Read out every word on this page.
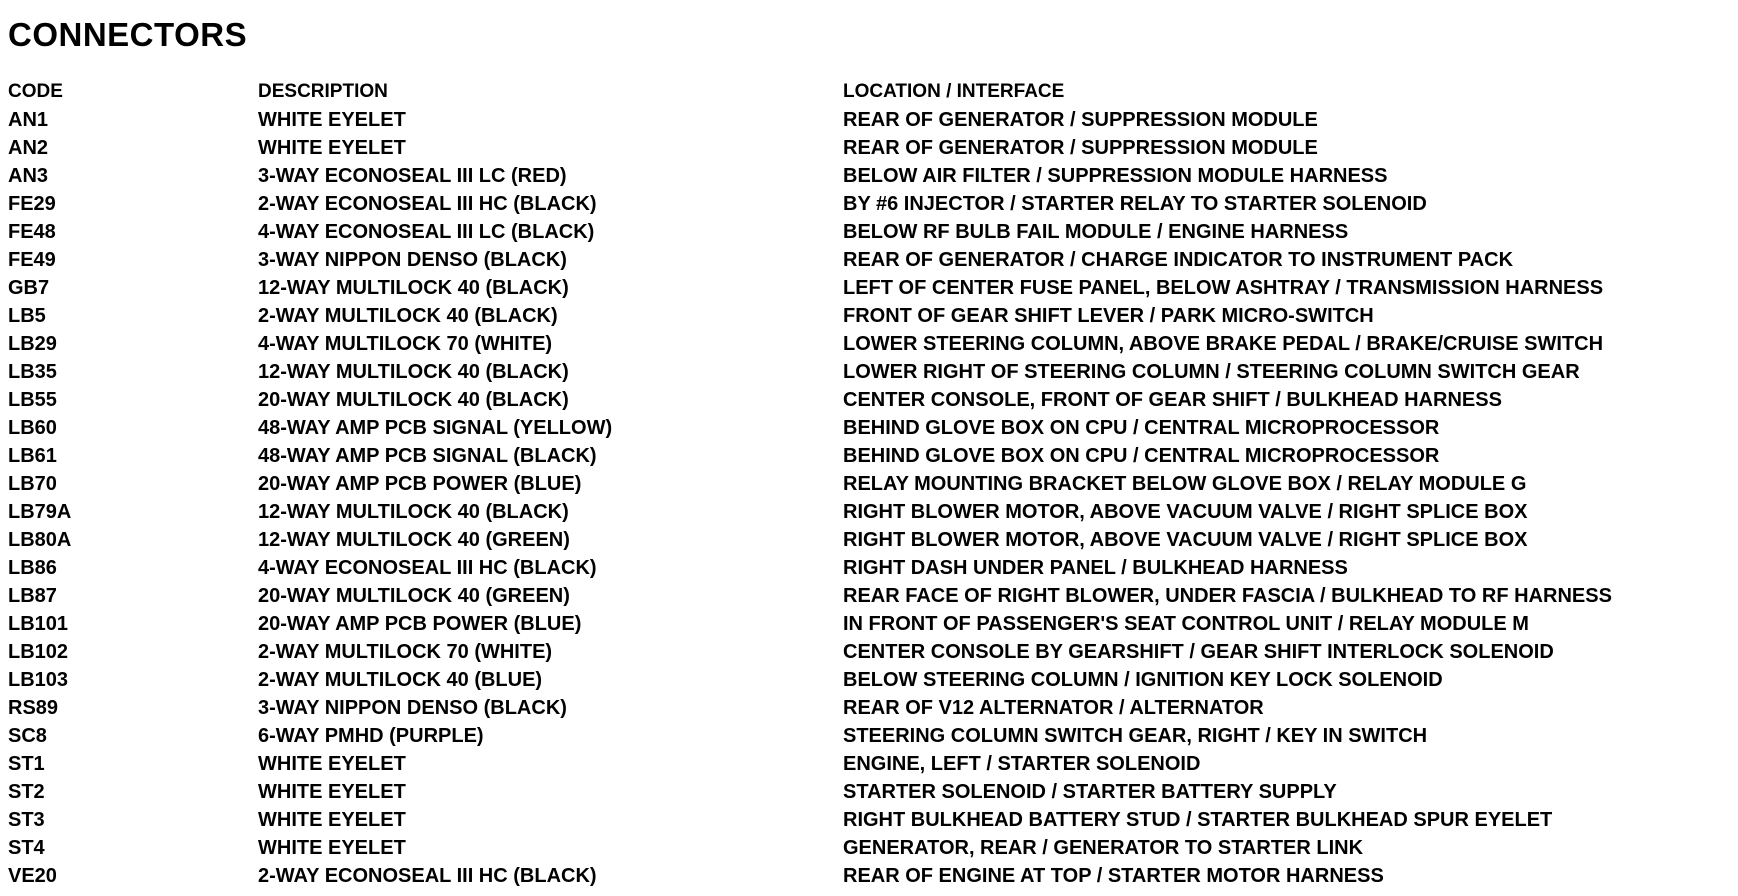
CONNECTORS
CODE	DESCRIPTION	LOCATION / INTERFACE
AN1	WHITE EYELET	REAR OF GENERATOR / SUPPRESSION MODULE
AN2	WHITE EYELET	REAR OF GENERATOR / SUPPRESSION MODULE
AN3	3-WAY ECONOSEAL III LC (RED)	BELOW AIR FILTER / SUPPRESSION MODULE HARNESS
FE29	2-WAY ECONOSEAL III HC (BLACK)	BY #6 INJECTOR / STARTER RELAY TO STARTER SOLENOID
FE48	4-WAY ECONOSEAL III LC (BLACK)	BELOW RF BULB FAIL MODULE / ENGINE HARNESS
FE49	3-WAY NIPPON DENSO (BLACK)	REAR OF GENERATOR / CHARGE INDICATOR TO INSTRUMENT PACK
GB7	12-WAY MULTILOCK 40 (BLACK)	LEFT OF CENTER FUSE PANEL, BELOW ASHTRAY / TRANSMISSION HARNESS
LB5	2-WAY MULTILOCK 40 (BLACK)	FRONT OF GEAR SHIFT LEVER / PARK MICRO-SWITCH
LB29	4-WAY MULTILOCK 70 (WHITE)	LOWER STEERING COLUMN, ABOVE BRAKE PEDAL / BRAKE/CRUISE SWITCH
LB35	12-WAY MULTILOCK 40 (BLACK)	LOWER RIGHT OF STEERING COLUMN / STEERING COLUMN SWITCH GEAR
LB55	20-WAY MULTILOCK 40 (BLACK)	CENTER CONSOLE, FRONT OF GEAR SHIFT / BULKHEAD HARNESS
LB60	48-WAY AMP PCB SIGNAL (YELLOW)	BEHIND GLOVE BOX ON CPU / CENTRAL MICROPROCESSOR
LB61	48-WAY AMP PCB SIGNAL (BLACK)	BEHIND GLOVE BOX ON CPU / CENTRAL MICROPROCESSOR
LB70	20-WAY AMP PCB POWER (BLUE)	RELAY MOUNTING BRACKET BELOW GLOVE BOX / RELAY MODULE G
LB79A	12-WAY MULTILOCK 40 (BLACK)	RIGHT BLOWER MOTOR, ABOVE VACUUM VALVE / RIGHT SPLICE BOX
LB80A	12-WAY MULTILOCK 40 (GREEN)	RIGHT BLOWER MOTOR, ABOVE VACUUM VALVE / RIGHT SPLICE BOX
LB86	4-WAY ECONOSEAL III HC (BLACK)	RIGHT DASH UNDER PANEL / BULKHEAD HARNESS
LB87	20-WAY MULTILOCK 40 (GREEN)	REAR FACE OF RIGHT BLOWER, UNDER FASCIA / BULKHEAD TO RF HARNESS
LB101	20-WAY AMP PCB POWER (BLUE)	IN FRONT OF PASSENGER'S SEAT CONTROL UNIT / RELAY MODULE M
LB102	2-WAY MULTILOCK 70 (WHITE)	CENTER CONSOLE BY GEARSHIFT / GEAR SHIFT INTERLOCK SOLENOID
LB103	2-WAY MULTILOCK 40 (BLUE)	BELOW STEERING COLUMN / IGNITION KEY LOCK SOLENOID
RS89	3-WAY NIPPON DENSO (BLACK)	REAR OF V12 ALTERNATOR / ALTERNATOR
SC8	6-WAY PMHD (PURPLE)	STEERING COLUMN SWITCH GEAR, RIGHT / KEY IN SWITCH
ST1	WHITE EYELET	ENGINE, LEFT / STARTER SOLENOID
ST2	WHITE EYELET	STARTER SOLENOID / STARTER BATTERY SUPPLY
ST3	WHITE EYELET	RIGHT BULKHEAD BATTERY STUD / STARTER BULKHEAD SPUR EYELET
ST4	WHITE EYELET	GENERATOR, REAR / GENERATOR TO STARTER LINK
VE20	2-WAY ECONOSEAL III HC (BLACK)	REAR OF ENGINE AT TOP / STARTER MOTOR HARNESS
